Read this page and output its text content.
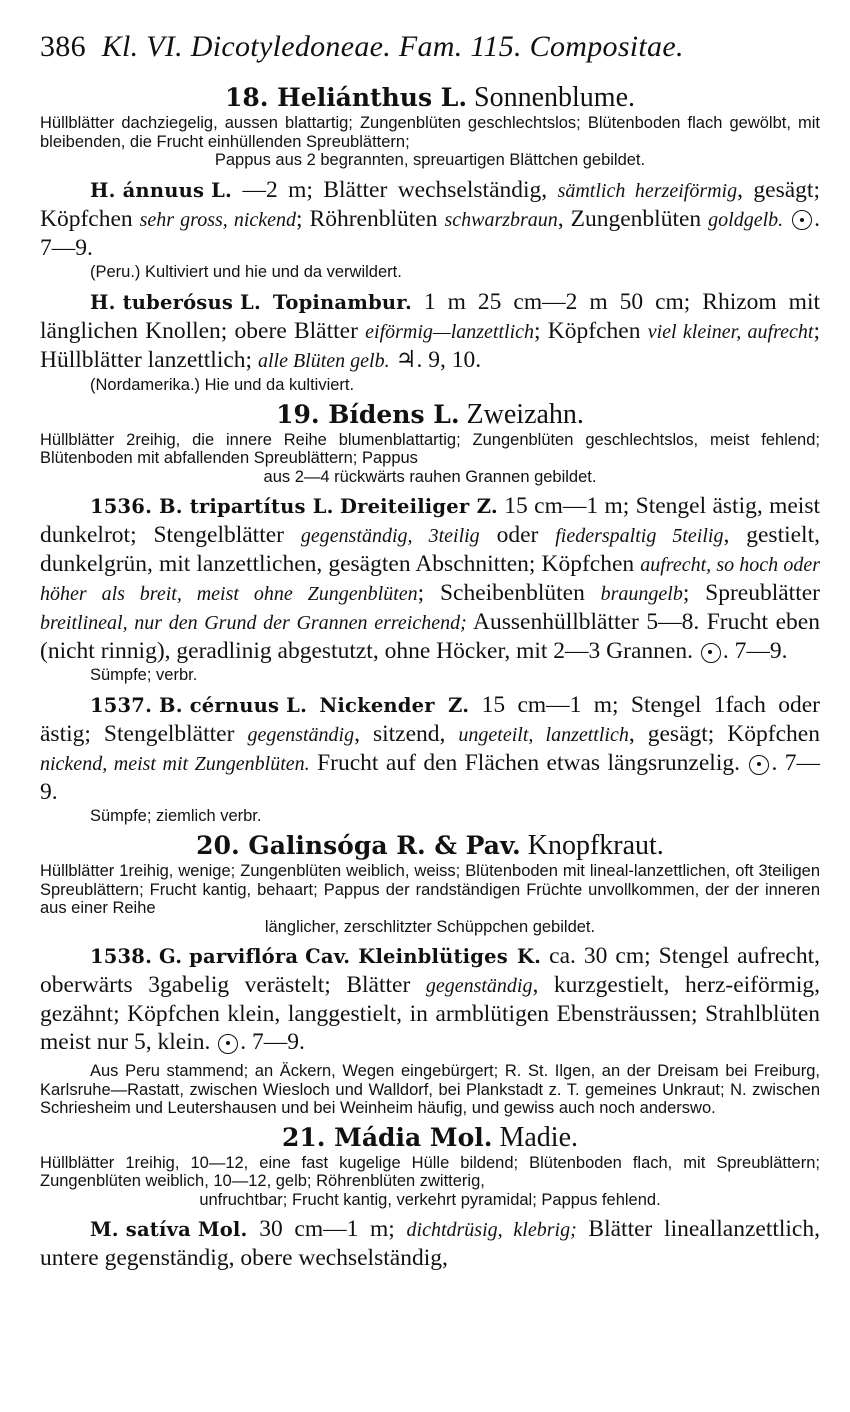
386 Kl. VI. Dicotyledoneae. Fam. 115. Compositae.
18. Heliánthus L. Sonnenblume.
Hüllblätter dachziegelig, aussen blattartig; Zungenblüten geschlechtslos; Blütenboden flach gewölbt, mit bleibenden, die Frucht einhüllenden Spreublättern;
Pappus aus 2 begrannten, spreuartigen Blättchen gebildet.
H. ánnuus L. —2 m; Blätter wechselständig, sämtlich herzeiförmig, gesägt; Köpfchen sehr gross, nickend; Röhrenblüten schwarzbraun, Zungenblüten goldgelb. . 7—9.
(Peru.) Kultiviert und hie und da verwildert.
H. tuberósus L. Topinambur. 1 m 25 cm—2 m 50 cm; Rhizom mit länglichen Knollen; obere Blätter eiförmig—lanzettlich; Köpfchen viel kleiner, aufrecht; Hüllblätter lanzettlich; alle Blüten gelb. ♃. 9, 10.
(Nordamerika.) Hie und da kultiviert.
19. Bídens L. Zweizahn.
Hüllblätter 2reihig, die innere Reihe blumenblattartig; Zungenblüten geschlechtslos, meist fehlend; Blütenboden mit abfallenden Spreublättern; Pappus
aus 2—4 rückwärts rauhen Grannen gebildet.
1536. B. tripartítus L. Dreiteiliger Z. 15 cm—1 m; Stengel ästig, meist dunkelrot; Stengelblätter gegenständig, 3teilig oder fiederspaltig 5teilig, gestielt, dunkelgrün, mit lanzettlichen, gesägten Abschnitten; Köpfchen aufrecht, so hoch oder höher als breit, meist ohne Zungenblüten; Scheibenblüten braungelb; Spreublätter breitlineal, nur den Grund der Grannen erreichend; Aussenhüllblätter 5—8. Frucht eben (nicht rinnig), geradlinig abgestutzt, ohne Höcker, mit 2—3 Grannen. . 7—9.
Sümpfe; verbr.
1537. B. cérnuus L. Nickender Z. 15 cm—1 m; Stengel 1fach oder ästig; Stengelblätter gegenständig, sitzend, ungeteilt, lanzettlich, gesägt; Köpfchen nickend, meist mit Zungenblüten. Frucht auf den Flächen etwas längsrunzelig. . 7—9.
Sümpfe; ziemlich verbr.
20. Galinsóga R. & Pav. Knopfkraut.
Hüllblätter 1reihig, wenige; Zungenblüten weiblich, weiss; Blütenboden mit lineal-lanzettlichen, oft 3teiligen Spreublättern; Frucht kantig, behaart; Pappus der randständigen Früchte unvollkommen, der der inneren aus einer Reihe
länglicher, zerschlitzter Schüppchen gebildet.
1538. G. parviflóra Cav. Kleinblütiges K. ca. 30 cm; Stengel aufrecht, oberwärts 3gabelig verästelt; Blätter gegenständig, kurzgestielt, herz-eiförmig, gezähnt; Köpfchen klein, langgestielt, in armblütigen Ebensträussen; Strahlblüten meist nur 5, klein. . 7—9.
Aus Peru stammend; an Äckern, Wegen eingebürgert; R. St. Ilgen, an der Dreisam bei Freiburg, Karlsruhe—Rastatt, zwischen Wiesloch und Walldorf, bei Plankstadt z. T. gemeines Unkraut; N. zwischen Schriesheim und Leutershausen und bei Weinheim häufig, und gewiss auch noch anderswo.
21. Mádia Mol. Madie.
Hüllblätter 1reihig, 10—12, eine fast kugelige Hülle bildend; Blütenboden flach, mit Spreublättern; Zungenblüten weiblich, 10—12, gelb; Röhrenblüten zwitterig,
unfruchtbar; Frucht kantig, verkehrt pyramidal; Pappus fehlend.
M. satíva Mol. 30 cm—1 m; dichtdrüsig, klebrig; Blätter lineallanzettlich, untere gegenständig, obere wechselständig,
